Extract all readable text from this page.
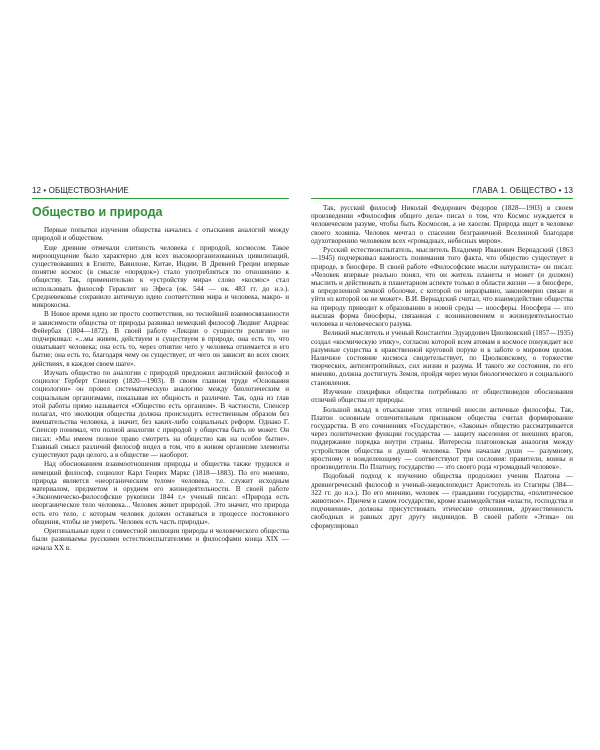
12 • ОБЩЕСТВОЗНАНИЕ
Общество и природа

Первые попытки изучения общества начались с отыскания аналогий между природой и обществом.

Еще древние отмечали слитность человека с природой, космосом. Такое мироощущение было характерно для всех высокоорганизованных цивилизаций, существовавших в Египте, Вавилоне, Китае, Индии. В Древней Греции впервые понятие космос (в смысле «порядок») стало употребляться по отношению к обществу. Так, применительно к «устройству мира» слово «космос» стал использовать философ Гераклит из Эфеса (ок. 544 — ок. 483 гг. до н.э.). Средневековье сохранило античную идею соответствия мира и человека, макро- и микрокосма.

В Новое время идею не просто соответствия, но теснейшей взаимосвязанности и зависимости общества от природы развивал немецкий философ Людвиг Андреас Фейербах (1804—1872). В своей работе «Лекции о сущности религии» он подчеркивал: «...мы живем, действуем и существуем в природе, она есть то, что охватывает человека; она есть то, через отнятие чего у человека отнимается и его бытие; она есть то, благодаря чему он существует, от чего он зависит во всех своих действиях, в каждом своем шаге».

Изучать общество по аналогии с природой предложил английский философ и социолог Герберт Спенсер (1820—1903). В своем главном труде «Основания социологии» он провел систематическую аналогию между биологическим и социальным организмами, показывая их общность и различие. Так, одна из глав этой работы прямо называется «Общество есть организм». В частности, Спенсер полагал, что эволюция общества должна происходить естественным образом без вмешательства человека, а значит, без каких-либо социальных реформ. Однако Г. Спенсер понимал, что полной аналогии с природой у общества быть не может. Он писал: «Мы имеем полное право смотреть на общество как на особое бытие». Главный смысл различий философ видел в том, что в живом организме элементы существуют ради целого, а в обществе — наоборот.

Над обоснованием взаимоотношения природы и общества также трудился и немецкий философ, социолог Карл Генрих Маркс (1818—1883). По его мнению, природа является «неорганическим телом» человека, т.е. служит исходным материалом, предметом и орудием его жизнедеятельности. В своей работе «Экономическо-философские рукописи 1844 г.» ученый писал: «Природа есть неорганическое тело человека... Человек живет природой. Это значит, что природа есть его тело, с которым человек должен оставаться в процессе постоянного общения, чтобы не умереть. Человек есть часть природы».

Оригинальные идеи о совместной эволюции природы и человеческого общества были развиваемы русскими естествоиспытателями и философами конца XIX — начала XX в.

ГЛАВА 1. ОБЩЕСТВО • 13

Так, русский философ Николай Федорович Федоров (1828—1903) в своем произведении «Философия общего дела» писал о том, что Космос нуждается в человеческом разуме, чтобы быть Космосом, а не хаосом. Природа ищет в человеке своего хозяина. Человек мечтал о спасении безграничной Вселенной благодаря одухотворению человеком всех «громадных, небесных миров».

Русский естествоиспытатель, мыслитель Владимир Иванович Вернадский (1863—1945) подчеркивал важность понимания того факта, что общество существует в природе, в биосфере. В своей работе «Философские мысли натуралиста» он писал: «Человек впервые реально понял, что он житель планеты и может (и должен) мыслить и действовать в планетарном аспекте только в области жизни — в биосфере, в определенной земной оболочке, с которой он неразрывно, закономерно связан и уйти из которой он не может». В.И. Вернадский считал, что взаимодействие общества на природу приводит к образованию в новой среды — ноосферы. Ноосфера — это высшая форма биосферы, связанная с возникновением и жизнедеятельностью человека и человеческого разума.

Великий мыслитель и ученый Константин Эдуардович Циолковский (1857—1935) создал «космическую этику», согласно которой всем атомам в космосе понуждает все разумные существа к нравственной круговой поруке и к заботе о мировом целом. Наличное состояние космоса свидетельствует, по Циолковскому, о торжестве творческих, антиэнтропийных, сил жизни и разума. И такого же состояния, по его мнению, должна достигнуть Земля, пройдя через муки биологического и социального становления.

Изучение специфики общества потребовало от обществоведов обоснования отличий общества от природы.

Большой вклад в отыскание этих отличий внесли античные философы. Так, Платон основным отличительным признаком общества считал формирование государства. В его сочинениях «Государство», «Законы» общество рассматривается через политические функции государства — защиту населения от внешних врагов, поддержание порядка внутри страны. Интересна платоновская аналогия между устройством общества и душой человека. Трем началам души — разумному, яростному и вожделеющему — соответствуют три сословия: правители, воины и производители. По Платону, государство — это своего рода «громадный человек».

Подобный подход к изучению общества продолжил ученик Платона — древнегреческий философ и ученый-энциклопедист Аристотель из Стагиры (384—322 гг. до н.э.). По его мнению, человек — гражданин государства, «политическое животное». Причем в самом государстве, кроме взаимодействия «власти, господства и подчинения», должны присутствовать этические отношения, дружественность свободных и равных друг другу индивидов. В своей работе «Этика» он сформулировал
